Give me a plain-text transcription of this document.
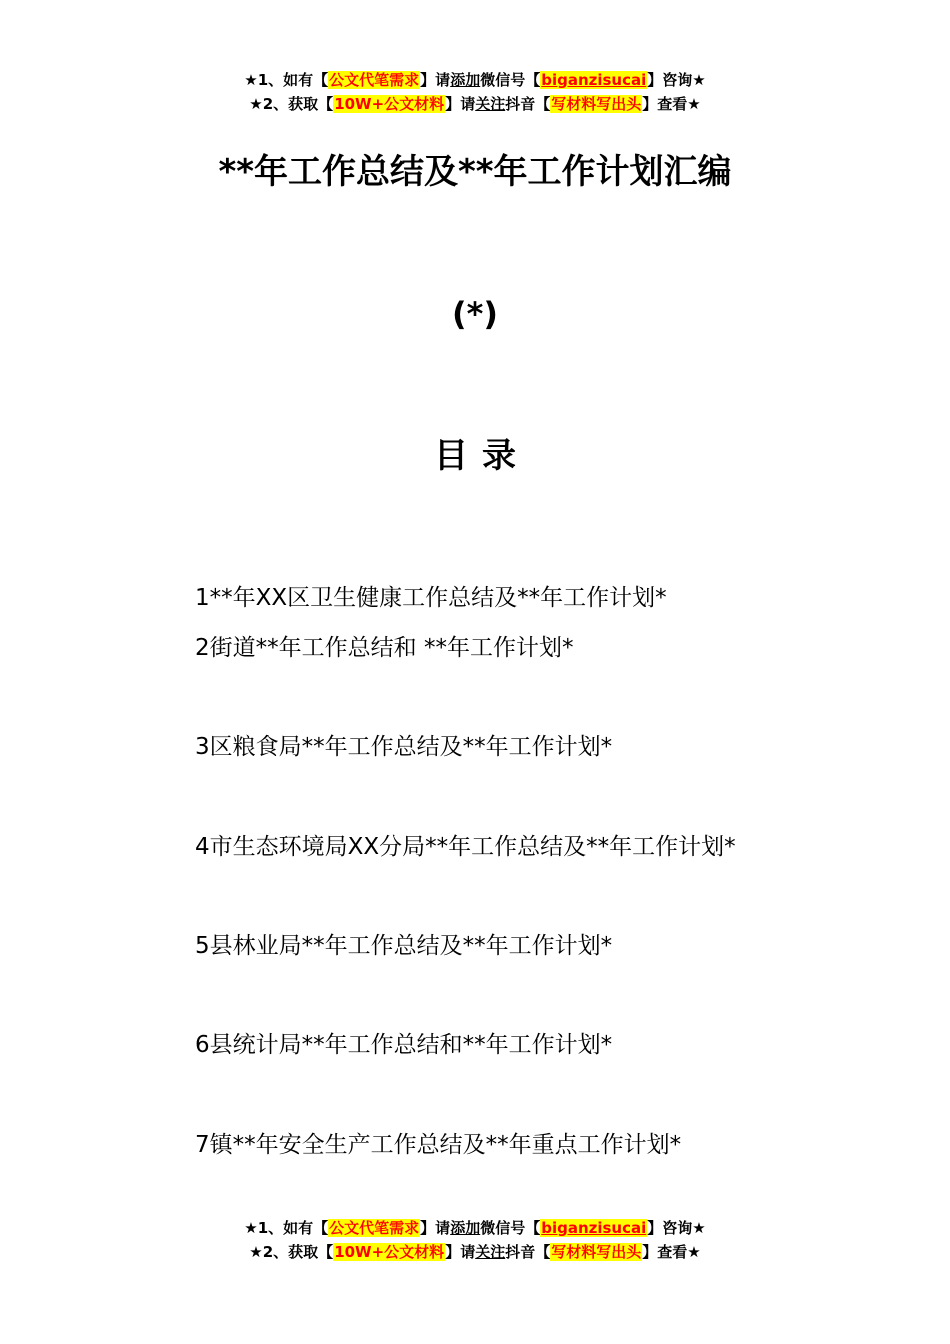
★1、如有【公文代笔需求】请添加微信号【biganzisucai】咨询★
★2、获取【10W+公文材料】请关注抖音【写材料写出头】查看★
**年工作总结及**年工作计划汇编
(*)
目录
1**年XX区卫生健康工作总结及**年工作计划*
2街道**年工作总结和 **年工作计划*
3区粮食局**年工作总结及**年工作计划*
4市生态环境局XX分局**年工作总结及**年工作计划*
5县林业局**年工作总结及**年工作计划*
6县统计局**年工作总结和**年工作计划*
7镇**年安全生产工作总结及**年重点工作计划*
★1、如有【公文代笔需求】请添加微信号【biganzisucai】咨询★
★2、获取【10W+公文材料】请关注抖音【写材料写出头】查看★
